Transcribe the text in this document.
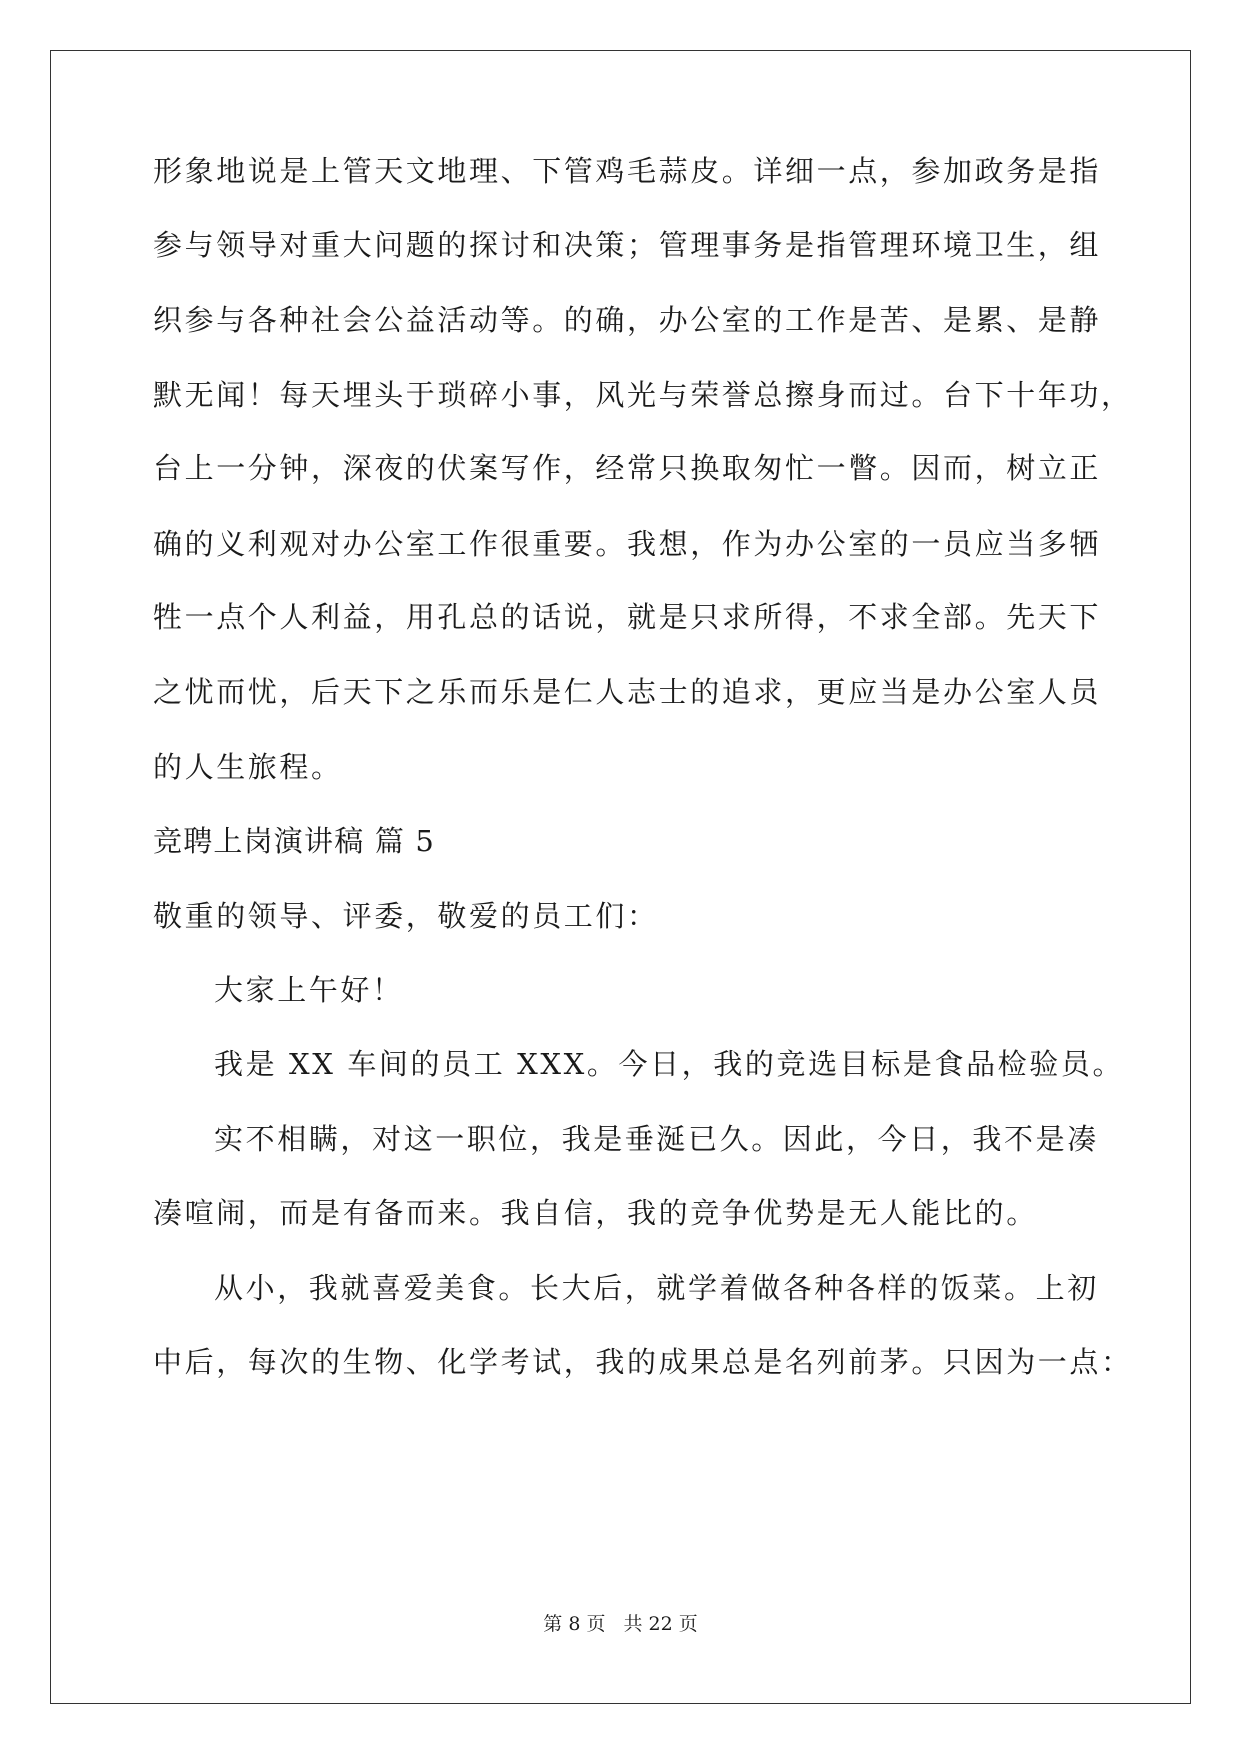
形象地说是上管天文地理、下管鸡毛蒜皮。详细一点，参加政务是指
参与领导对重大问题的探讨和决策；管理事务是指管理环境卫生，组
织参与各种社会公益活动等。的确，办公室的工作是苦、是累、是静
默无闻！每天埋头于琐碎小事，风光与荣誉总擦身而过。台下十年功，
台上一分钟，深夜的伏案写作，经常只换取匆忙一瞥。因而，树立正
确的义利观对办公室工作很重要。我想，作为办公室的一员应当多牺
牲一点个人利益，用孔总的话说，就是只求所得，不求全部。先天下
之忧而忧，后天下之乐而乐是仁人志士的追求，更应当是办公室人员
的人生旅程。
竞聘上岗演讲稿 篇 5
敬重的领导、评委，敬爱的员工们：
大家上午好！
我是 XX 车间的员工 XXX。今日，我的竞选目标是食品检验员。
实不相瞒，对这一职位，我是垂涎已久。因此，今日，我不是凑
凑喧闹，而是有备而来。我自信，我的竞争优势是无人能比的。
从小，我就喜爱美食。长大后，就学着做各种各样的饭菜。上初
中后，每次的生物、化学考试，我的成果总是名列前茅。只因为一点：
第 8 页 共 22 页
